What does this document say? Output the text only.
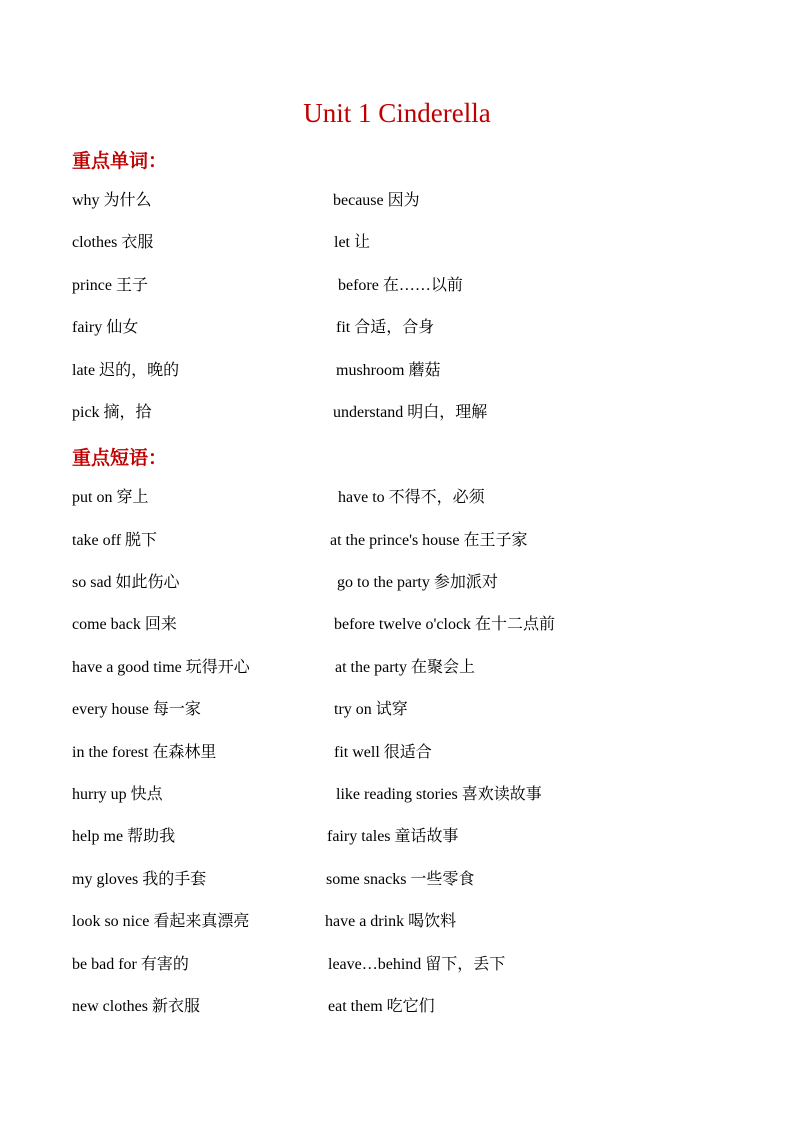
Unit 1 Cinderella
重点单词：
why 为什么	because 因为
clothes 衣服	let 让
prince 王子	before 在……以前
fairy 仙女	fit 合适，合身
late 迟的，晚的	mushroom 蘑菇
pick 摘，拾	understand 明白，理解
重点短语：
put on 穿上	have to 不得不，必须
take off 脱下	at the prince's house 在王子家
so sad 如此伤心	go to the party 参加派对
come back 回来	before twelve o'clock 在十二点前
have a good time 玩得开心	at the party 在聚会上
every house 每一家	try on 试穿
in the forest 在森林里	fit well 很适合
hurry up 快点	like reading stories 喜欢读故事
help me 帮助我	fairy tales 童话故事
my gloves 我的手套	some snacks 一些零食
look so nice 看起来真漂亮	have a drink 喝饮料
be bad for 有害的	leave…behind 留下，丢下
new clothes 新衣服	eat them 吃它们
